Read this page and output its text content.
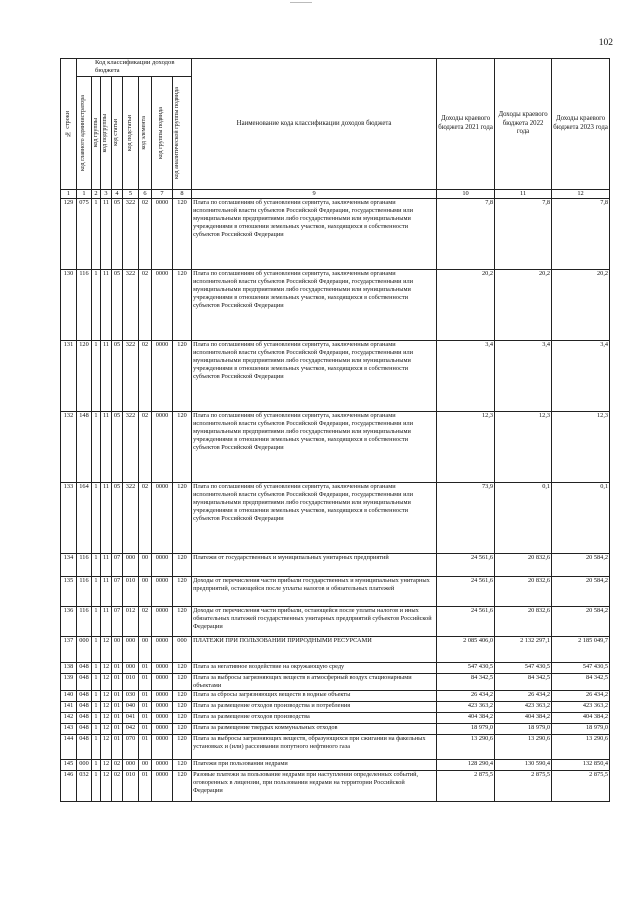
102
№ строки	Код классификации доходов бюджета								Наименование кода классификации доходов бюджета	Доходы краевого бюджета 2021 года	Доходы краевого бюджета 2022 года	Доходы краевого бюджета 2023 года

	код главного администратора	код группы	код подгруппы	код статьи	код подстатьи	код элемента	код группы подвида	код аналитической группы подвида				

1	1	2	3	4	5	6	7	8	9	10	11	12
129	075	1	11	05	322	02	0000	120	Плата по соглашениям об установлении сервитута, заключенным органами исполнительной власти субъектов Российской Федерации, государственными или муниципальными предприятиями либо государственными или муниципальными учреждениями в отношении земельных участков, находящихся в собственности субъектов Российской Федерации	7,8	7,8	7,8
130	116	1	11	05	322	02	0000	120	Плата по соглашениям об установлении сервитута, заключенным органами исполнительной власти субъектов Российской Федерации, государственными или муниципальными предприятиями либо государственными или муниципальными учреждениями в отношении земельных участков, находящихся в собственности субъектов Российской Федерации	20,2	20,2	20,2
131	120	1	11	05	322	02	0000	120	Плата по соглашениям об установлении сервитута, заключенным органами исполнительной власти субъектов Российской Федерации, государственными или муниципальными предприятиями либо государственными или муниципальными учреждениями в отношении земельных участков, находящихся в собственности субъектов Российской Федерации	3,4	3,4	3,4
132	148	1	11	05	322	02	0000	120	Плата по соглашениям об установлении сервитута, заключенным органами исполнительной власти субъектов Российской Федерации, государственными или муниципальными предприятиями либо государственными или муниципальными учреждениями в отношении земельных участков, находящихся в собственности субъектов Российской Федерации	12,3	12,3	12,3
133	164	1	11	05	322	02	0000	120	Плата по соглашениям об установлении сервитута, заключенным органами исполнительной власти субъектов Российской Федерации, государственными или муниципальными предприятиями либо государственными или муниципальными учреждениями в отношении земельных участков, находящихся в собственности субъектов Российской Федерации	73,9	0,1	0,1
134	116	1	11	07	000	00	0000	120	Платежи от государственных и муниципальных унитарных предприятий	24 561,6	20 832,6	20 584,2
135	116	1	11	07	010	00	0000	120	Доходы от перечисления части прибыли государственных и муниципальных унитарных предприятий, остающейся после уплаты налогов и обязательных платежей	24 561,6	20 832,6	20 584,2
136	116	1	11	07	012	02	0000	120	Доходы от перечисления части прибыли, остающейся после уплаты налогов и иных обязательных платежей государственных унитарных предприятий субъектов Российской Федерации	24 561,6	20 832,6	20 584,2
137	000	1	12	00	000	00	0000	000	ПЛАТЕЖИ ПРИ ПОЛЬЗОВАНИИ ПРИРОДНЫМИ РЕСУРСАМИ	2 085 406,0	2 132 297,1	2 185 049,7
138	048	1	12	01	000	01	0000	120	Плата за негативное воздействие на окружающую среду	547 430,5	547 430,5	547 430,5
139	048	1	12	01	010	01	0000	120	Плата за выбросы загрязняющих веществ в атмосферный воздух стационарными объектами	84 342,5	84 342,5	84 342,5
140	048	1	12	01	030	01	0000	120	Плата за сбросы загрязняющих веществ в водные объекты	26 434,2	26 434,2	26 434,2
141	048	1	12	01	040	01	0000	120	Плата за размещение отходов производства и потребления	423 363,2	423 363,2	423 363,2
142	048	1	12	01	041	01	0000	120	Плата за размещение отходов производства	404 384,2	404 384,2	404 384,2
143	048	1	12	01	042	01	0000	120	Плата за размещение твердых коммунальных отходов	18 979,0	18 979,0	18 979,0
144	048	1	12	01	070	01	0000	120	Плата за выбросы загрязняющих веществ, образующихся при сжигании на факельных установках и (или) рассеивании попутного нефтяного газа	13 290,6	13 290,6	13 290,6
145	000	1	12	02	000	00	0000	120	Платежи при пользовании недрами	128 290,4	130 590,4	132 850,4
146	032	1	12	02	010	01	0000	120	Разовые платежи за пользование недрами при наступлении определенных событий, оговоренных в лицензии, при пользовании недрами на территории Российской Федерации	2 875,5	2 875,5	2 875,5
